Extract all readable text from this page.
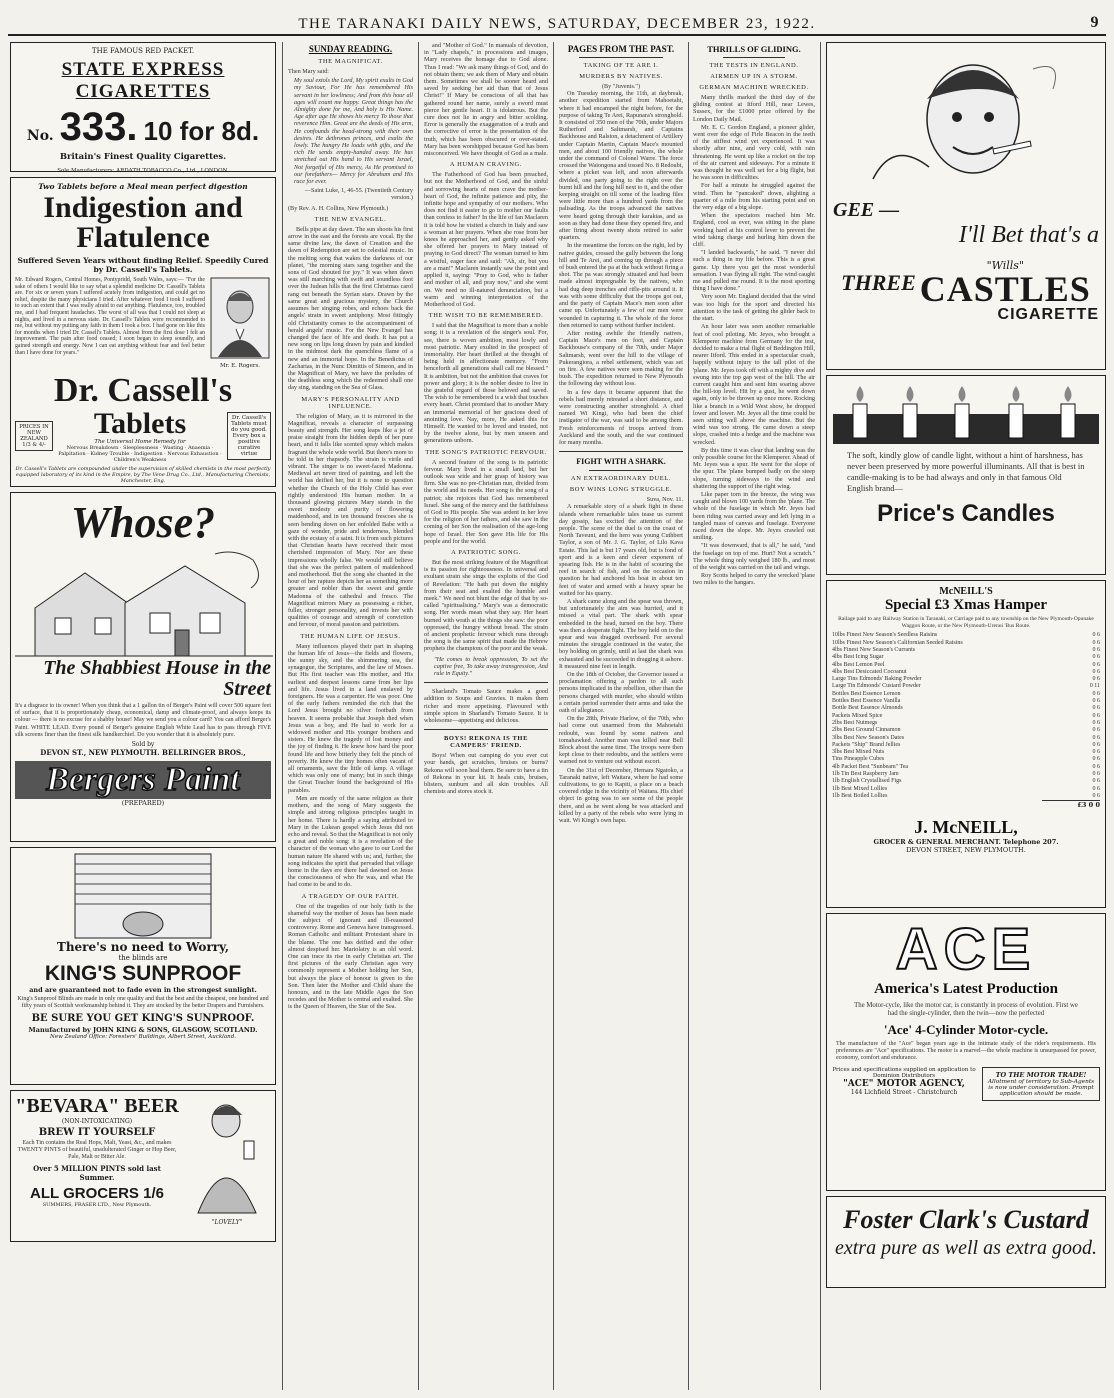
THE TARANAKI DAILY NEWS, SATURDAY, DECEMBER 23, 1922.	9
THE FAMOUS RED PACKET.
STATE EXPRESS CIGARETTES
No. 333. 10 for 8d.
Britain's Finest Quality Cigarettes.
Sole Manufacturers: ARDATH TOBACCO Co., Ltd., LONDON.
Two Tablets before a Meal mean perfect digestion
Indigestion and
Flatulence
Suffered Seven Years without finding Relief. Speedily Cured by Dr. Cassell's Tablets.
Mr. Edward Rogers, Central Homes, Pontypridd, South Wales, says:— "For the sake of others I would like to say what a splendid medicine Dr. Cassell's Tablets are. For six or seven years I suffered acutely from indigestion, and could get no relief, despite the many physicians I tried. After whatever food I took I suffered to such an extent that I was really afraid to eat anything. Flatulence, too, troubled me, and I had frequent headaches. The worst of all was that I could not sleep at nights, and lived in a nervous state. Dr. Cassell's Tablets were recommended to me, but without my putting any faith in them I took a box. I had gone on like this for months when I tried Dr. Cassell's Tablets. Almost from the first dose I felt an improvement. The pain after food ceased; I soon began to sleep soundly, and gained strength and energy. Now I can eat anything without fear and feel better than I have done for years."
Mr. E. Rogers.
Dr. Cassell's
PRICES IN NEW ZEALAND 1/3 & 4/-
Tablets
The Universal Home Remedy for
Nervous Breakdown · Sleeplessness · Wasting · Anaemia · Palpitation · Kidney Trouble · Indigestion · Nervous Exhaustion · Children's Weakness
Dr. Cassell's Tablets must do you good. Every box a positive curative virtue
Dr. Cassell's Tablets are compounded under the supervision of skilled chemists in the most perfectly equipped laboratory of its kind in the Empire, by The Vene Drug Co., Ltd., Manufacturing Chemists, Manchester, Eng.
Whose?
The Shabbiest House in the Street
It's a disgrace to its owner! When you think that a 1 gallon tin of Berger's Paint will cover 500 square feet of surface, that it is proportionately cheap, economical, damp and climate-proof, and always keeps its colour — there is no excuse for a shabby house! May we send you a colour card? You can afford Berger's Paint. WHITE LEAD. Every pound of Berger's genuine English White Lead has to pass through FIVE silk screens finer than the finest silk handkerchief. Do you wonder that it is absolutely pure.
Sold by
DEVON ST., NEW PLYMOUTH. BELLRINGER BROS.,
Bergers Paint
(PREPARED)
There's no need to Worry,
the blinds are
KING'S SUNPROOF
and are guaranteed not to fade even in the strongest sunlight.
King's Sunproof Blinds are made in only one quality and that the best and the cheapest, one hundred and fifty years of Scottish workmanship behind it. They are stocked by the better Drapers and Furnishers.
BE SURE YOU GET KING'S SUNPROOF.
Manufactured by JOHN KING & SONS, GLASGOW, SCOTLAND.
New Zealand Office: Foresters' Buildings, Albert Street, Auckland.
"BEVARA" BEER
(NON-INTOXICATING)
BREW IT YOURSELF
Each Tin contains the Real Hops, Malt, Yeast, &c., and makes TWENTY PINTS of beautiful, unadulterated Ginger or Hop Beer, Pale, Malt or Bitter Ale.
Over 5 MILLION PINTS sold last Summer.
ALL GROCERS 1/6
SUMMERS, FRASER LTD., New Plymouth.
"LOVELY"
SUNDAY READING.
THE MAGNIFICAT.
Then Mary said:
My soul extols the Lord, My spirit exults in God my Saviour, For He has remembered His servant in her lowliness; And from this hour all ages will count me happy. Great things has the Almighty done for me, And holy is His Name. Age after age He shows his mercy To those that reverence Him. Great are the deeds of His arm, He confounds the head-strong with their own desires. He dethrones princes, and exalts the lowly. The hungry He loads with gifts, and the rich He sends empty-handed away. He has stretched out His hand to His servant Israel, Not forgetful of His mercy, As He promised to our forefathers— Mercy for Abraham and His race for ever.
—Saint Luke, 1, 46-55. (Twentieth Century version.)
(By Rev. A. H. Collins, New Plymouth.)
THE NEW EVANGEL.

Bells pipe at day dawn. The sun shoots his first arrow in the east and the forests are vocal. By the same divine law, the dawn of Creation and the dawn of Redemption are set to celestial music. In the melting song that wakes the darkness of our planet, "the morning stars sang together and the sons of God shouted for joy." It was when dawn was still marching with swift and soundless foot over the Judean hills that the first Christmas carol rang out beneath the Syrian stars. Drawn by the same great and gracious mystery, the Church assumes her singing robes, and echoes back the angels' strain in sweet antiphony. Most fittingly old Christianity comes to the accompaniment of herald angels' music. For the New Evangel has changed the face of life and death. It has put a new song on lips long drawn by pain and kindled in the midmost dark the quenchless flame of a new and an immortal hope. In the Benedictus of Zacharias, in the Nunc Dimittis of Simeon, and in the Magnificat of Mary, we have the preludes of the deathless song which the redeemed shall one day sing, standing on the Sea of Glass.

MARY'S PERSONALITY AND INFLUENCE.

The religion of Mary, as it is mirrored in the Magnificat, reveals a character of surpassing beauty and strength. Her song leaps like a jet of praise straight from the hidden depth of her pure heart, and it falls like scented spray which makes fragrant the whole wide world. But there's more to be told in her rhapsody. The strain is virile and vibrant. The singer is no sweet-faced Madonna. Medieval art never tired of painting, and left the world has deified her, but it is none to question whether the Church of the Holy Child has ever rightly understood His human mother. In a thousand glowing pictures Mary stands in the sweet modesty and purity of flowering maidenhood, and in ten thousand frescoes she is seen bending down on her enfolded Babe with a gaze of wonder, pride and tenderness, blended with the ecstasy of a saint. It is from such pictures that Christian hearts have received their most cherished impression of Mary. Nor are these impressions wholly false. We would still believe that she was the perfect pattern of maidenhood and motherhood. But the song she chanted in the hour of her rapture depicts her as something more greater and nobler than the sweet and gentle Madonna of the cathedral and fresco. The Magnificat mirrors Mary as possessing a richer, fuller, stronger personality, and invests her with qualities of courage and strength of conviction and fervour, of moral passion and patriotism.

THE HUMAN LIFE OF JESUS.

Many influences played their part in shaping the human life of Jesus—the fields and flowers, the sunny sky, and the shimmering sea, the synagogue, the Scriptures, and the law of Moses. But His first teacher was His mother, and His earliest and deepest lessons came from her lips and life. Jesus lived in a land enslaved by foreigners. He was a carpenter. He was poor. One of the early fathers reminded the rich that the Lord Jesus brought no silver footbath from heaven. It seems probable that Joseph died when Jesus was a boy, and He had to work for a widowed mother and His younger brothers and sisters. He knew the tragedy of lost money and the joy of finding it. He knew how hard the poor found life and how bitterly they felt the pinch of poverty. He knew the tiny homes often vacant of all ornaments, save the little oil lamp. A village which was only one of many; but in such things the Great Teacher found the background of His parables.

Men are mostly of the same religion as their mothers, and the song of Mary suggests the simple and strong religious principles taught in her home. There is hardly a saying attributed to Mary in the Lukean gospel which Jesus did not echo and reveal. So that the Magnificat is not only a great and noble song: it is a revelation of the character of the woman who gave to our Lord the human nature He shared with us; and, further, the song indicates the spirit that pervaded that village home in the days ere there had dawned on Jesus the consciousness of who He was, and what He had come to be and to do.

A TRAGEDY OF OUR FAITH.

One of the tragedies of our holy faith is the shameful way the mother of Jesus has been made the subject of ignorant and ill-reasoned controversy. Rome and Geneva have transgressed. Roman Catholic and militant Protestant share in the blame. The one has deified and the other almost despised her. Mariolatry is an old word. One can trace its rise in early Christian art. The first pictures of the early Christian ages very commonly represent a Mother holding her Son, but always the place of honour is given to the Son. Then later the Mother and Child share the honours, and in the late Middle Ages the Son recedes and the Mother is central and exalted. She is the Queen of Heaven, the Star of the Sea.

and "Mother of God." In manuals of devotion, in "Lady chapels," in processions and images, Mary receives the homage due to God alone. Thus I read: "We ask many things of God, and do not obtain them; we ask them of Mary and obtain them. Sometimes we shall be sooner heard and saved by seeking her aid than that of Jesus Christ!" If Mary be conscious of all that has gathered round her name, surely a sword must pierce her gentle heart. It is idolatrous. But the cure does not lie in angry and bitter scolding. Error is generally the exaggeration of a truth and the corrective of error is the presentation of the truth, which has been obscured or over-stated. Mary has been worshipped because God has been misconceived. We have thought of God as a male.

A HUMAN CRAVING.

The Fatherhood of God has been preached, but not the Motherhood of God, and the sinful and sorrowing hearts of men crave the mother-heart of God, the infinite patience and pity, the infinite hope and sympathy of our mothers. Who does not find it easier to go to mother our faults than confess to father? In the life of Ian Maclaren it is told how he visited a church in Italy and saw a woman at her prayers. When she rose from her knees he approached her, and gently asked why she offered her prayers to Mary instead of praying to God direct? The woman turned to him a wistful, eager face and said: "Ah, sir, but you are a man!" Maclaren instantly saw the point and applied it, saying: "Pray to God, who is father and mother of all, and pray now," and she went on. We need no ill-natured denunciation, but a warm and winning interpretation of the Motherhood of God.

THE WISH TO BE REMEMBERED.

I said that the Magnificat is more than a noble song; it is a revelation of the singer's soul. For, see, there is woven ambition, most lowly and most patriotic. Mary exulted in the prospect of immortality. Her heart thrilled at the thought of being held in affectionate memory. "From henceforth all generations shall call me blessed." It is ambition, but not the ambition that craves for power and glory; it is the nobler desire to live in the grateful regard of those beloved and saved. The wish to be remembered is a wish that touches every heart. Christ promised that to another Mary an immortal memorial of her gracious deed of anointing love. Nay, more, He asked this for Himself. He wanted to be loved and trusted, not by the twelve alone, but by men unseen and generations unborn.

THE SONG'S PATRIOTIC FERVOUR.

A second feature of the song is its patriotic fervour. Mary lived in a small land, but her outlook was wide and her grasp of history was firm. She was no pre-Christian nun, divided from the world and its needs. Her song is the song of a patriot; she rejoices that God has remembered Israel. She sang of the mercy and the faithfulness of God to His people. She was ardent in her love for the religion of her fathers, and she saw in the coming of her Son the realisation of the age-long hope of Israel. Her Son gave His life for His people and for the world.

A PATRIOTIC SONG.

But the most striking feature of the Magnificat is its passion for righteousness. In universal and exultant strain she sings the exploits of the God of Revelation: "He hath put down the mighty from their seat and exalted the humble and meek." We need not blunt the edge of that by so-called "spiritualising." Mary's was a democratic song. Her words mean what they say. Her heart burned with wrath at the things she saw: the poor oppressed, the hungry without bread. The strain of ancient prophetic fervour which runs through the song is the same spirit that made the Hebrew prophets the champions of the poor and the weak.

"He comes to break oppression, To set the captive free, To take away transgression, And rule in Equity."

Sharland's Tomato Sauce makes a good addition to Soups and Gravies. It makes them richer and more appetising. Flavoured with simple spices in Sharland's Tomato Sauce. It is wholesome—appetising and delicious.

BOYS! REKONA IS THE CAMPERS' FRIEND.

Boys! When out camping do you ever cut your hands, get scratches, bruises or burns? Rekona will soon heal them. Be sure to have a tin of Rekona in your kit. It heals cuts, bruises, blisters, sunburn and all skin troubles. All chemists and stores stock it.

PAGES FROM THE PAST.
TAKING OF TE ARE I.
MURDERS BY NATIVES.
(By "Juvenis.")

On Tuesday morning, the 11th, at daybreak, another expedition started from Mahoetahi, where it had encamped the night before, for the purpose of taking Te Arei, Rapunara's stronghold. It consisted of 350 men of the 70th, under Majors Rutherford and Saltmarsh, and Captains Backhouse and Ralston, a detachment of Artillery under Captain Martin, Captain Mace's mounted men, and about 100 friendly natives, the whole under the command of Colonel Warre. The force crossed the Waiongona and tossed No. 8 Redoubt, where a picket was left, and soon afterwards divided, one party going to the right over the burnt hill and the long hill next to it, and the other keeping straight on till some of the leading files were little more than a hundred yards from the palisading. As the troops advanced the natives were heard going through their karakias, and as soon as they had done these they opened fire, and after firing about twenty shots retired to safer quarters.

In the meantime the forces on the right, led by native guides, crossed the gully between the long hill and Te Arei, and coming up through a piece of bush entered the pa at the back without firing a shot. The pa was strongly situated and had been made almost impregnable by the natives, who had dug deep trenches and rifle-pits around it. It was with some difficulty that the troops got out, and the party of Captain Mace's men soon after came up. Unfortunately a few of our men were wounded in capturing it. The whole of the force then returned to camp without further incident.

After resting awhile the friendly natives, Captain Mace's men on foot, and Captain Backhouse's company of the 70th, under Major Saltmarsh, went over the hill to the village of Pukerangiora, a rebel settlement, which was set on fire. A few natives were seen making for the bush. The expedition returned to New Plymouth the following day without loss.

In a few days it became apparent that the rebels had merely retreated a short distance, and were constructing another stronghold. A chief named Wi Kingi, who had been the chief instigator of the war, was said to be among them. Fresh reinforcements of troops arrived from Auckland and the south, and the war continued for many months.

FIGHT WITH A SHARK.
AN EXTRAORDINARY DUEL.
BOY WINS LONG STRUGGLE.
Suva, Nov. 11.

A remarkable story of a shark fight in these islands where remarkable tales tease us current day gossip, has excited the attention of the people. The scene of the duel is on the coast of North Taveuni, and the hero was young Cuthbert Taylor, a son of Mr. J. G. Taylor, of Lilo Kava Estate. This lad is but 17 years old, but is fond of sport and is a keen and clever exponent of spearing fish. He is in the habit of scouring the reef in search of fish, and on the occasion in question he had anchored his boat in about ten feet of water and armed with a heavy spear he waited for his quarry.

A shark came along and the spear was thrown, but unfortunately the aim was hurried, and it missed a vital part. The shark with spear embedded in the head, turned on the boy. There was then a desperate fight. The boy held on to the spear and was dragged overboard. For several minutes the struggle continued in the water, the boy holding on grimly, until at last the shark was exhausted and he succeeded in dragging it ashore. It measured nine feet in length.

On the 18th of October, the Governor issued a proclamation offering a pardon to all such persons implicated in the rebellion, other than the persons charged with murder, who should within a certain period surrender their arms and take the oath of allegiance.

On the 28th, Private Harlow, of the 70th, who had come out unarmed from the Mahoetahi redoubt, was found by some natives and tomahawked. Another man was killed near Bell Block about the same time. The troops were then kept close to their redoubts, and the settlers were warned not to venture out without escort.

On the 31st of December, Hemara Ngatoko, a Taranaki native, left Waitara, where he had some cultivations, to go to Kapiti, a place on a beach covered ridge in the vicinity of Waitara. His chief object in going was to see some of the people there, and as he went along he was attacked and killed by a party of the rebels who were lying in wait. Wi Kingi's own hapu.

THRILLS OF GLIDING.
THE TESTS IN ENGLAND.
AIRMEN UP IN A STORM.
GERMAN MACHINE WRECKED.

Many thrills marked the third day of the gliding contest at Itford Hill, near Lewes, Sussex, for the £1000 prize offered by the London Daily Mail.

Mr. E. C. Gordon England, a pioneer glider, went over the edge of Firle Beacon in the teeth of the stiffest wind yet experienced. It was shortly after nine, and very cold, with rain threatening. He went up like a rocket on the top of the air current and sideways. For a minute it was thought he was well set for a big flight, but he was soon in difficulties.

For half a minute he struggled against the wind. Then he "pancaked" down, alighting a quarter of a mile from his starting point and on the very edge of a big slope.

When the spectators reached him Mr. England, cool as ever, was sitting in the plane working hard at his control lever to prevent the wind taking charge and hurling him down the cliff.

"I landed backwards," he said. "I never did such a thing in my life before. This is a great game. Up there you get the most wonderful sensation. I was flying all right. The wind caught me and pulled me round. It is the most sporting thing I have done."

Very soon Mr. England decided that the wind was too high for the sport and directed his attention to the task of getting the glider back to the start.

An hour later was seen another remarkable feat of cool piloting. Mr. Jeyes, who brought a Klemperer machine from Germany for the test, decided to make a trial flight of Beddington Hill, nearer Itford. This ended in a spectacular crash, happily without injury to the tall pilot of the 'plane. Mr. Jeyes took off with a mighty dive and swung into the top gap west of the hill. The air current caught him and sent him soaring above the hill-top level. Hit by a gust, he went down again, only to be thrown up once more. Rocking like a branch in a Wild West show, he dropped lower and lower. Mr. Jeyes all the time could be seen sitting well above the machine. But the wind was too strong. He came down a steep slope, crashed into a hedge and the machine was wrecked.

By this time it was clear that landing was the only possible course for the Klemperer. Ahead of Mr. Jeyes was a spur. He went for the slope of the spur. The 'plane bumped badly on the steep slope, turning sideways to the wind and shattering the support of the right wing.

Like paper torn in the breeze, the wing was caught and blown 100 yards from the 'plane. The whole of the fuselage in which Mr. Jeyes had been riding was carried away and left lying in a tangled mass of canvas and fuselage. Everyone raced down the slope. Mr. Jeyes crawled out smiling.

"It was downward, that is all," he said, "and the fuselage on top of me. Hurt? Not a scratch." The whole thing only weighed 180 lb., and most of the weight was carried on the tail and wings.

Roy Scotts helped to carry the wrecked 'plane two miles to the hangars.

GEE —
I'll Bet that's a
THREE
"Wills"
CASTLES
CIGARETTE
The soft, kindly glow of candle light, without a hint of harshness, has never been preserved by more powerful illuminants. All that is best in candle-making is to be had always and only in that famous Old English brand—
Price's Candles
McNEILL'S
Special £3 Xmas Hamper
Railage paid to any Railway Station in Taranaki, or Carriage paid to any township on the New Plymouth-Opunake Waggon Route, or the New Plymouth-Urenui 'Bus Route.
10lbs Finest New Season's Seedless Raisins	0 6
10lbs Finest New Season's Californian Seeded Raisins	0 6
4lbs Finest New Season's Currants	0 6
4lbs Best Icing Sugar	0 6
4lbs Best Lemon Peel	0 6
4lbs Best Desiccated Cocoanut	0 6
Large Tins Edmonds' Baking Powder	0 6
Large Tin Edmonds' Custard Powder	0 11
Bottles Best Essence Lemon	0 6
Bottles Best Essence Vanilla	0 6
Bottle Best Essence Almonds	0 6
Packets Mixed Spice	0 6
2lbs Best Nutmegs	0 6
2lbs Best Ground Cinnamon	0 6
3lbs Best New Season's Dates	0 6
Packets "Ship" Brand Jellies	0 6
3lbs Best Mixed Nuts	0 6
Tins Pineapple Cubes	0 6
4lb Packet Best "Sunbeam" Tea	0 6
1lb Tin Best Raspberry Jam	0 6
1lb English Crystallised Figs	0 6
1lb Best Mixed Lollies	0 6
1lb Best Boiled Lollies	0 6
£3 0 0
J. McNEILL,
GROCER & GENERAL MERCHANT. Telephone 207.
DEVON STREET, NEW PLYMOUTH.
ACE
America's Latest Production
The Motor-cycle, like the motor car, is constantly in process of evolution. First we had the single-cylinder, then the twin—now the perfected
'Ace' 4-Cylinder Motor-cycle.
The manufacture of the "Ace" began years ago in the intimate study of the rider's requirements. His preferences are "Ace" specifications. The motor is a marvel—the whole machine is unsurpassed for power, economy, comfort and endurance.
Prices and specifications supplied on application to Dominion Distributors
"ACE" MOTOR AGENCY,
144 Lichfield Street - Christchurch
TO THE MOTOR TRADE!
Allotment of territory to Sub-Agents is now under consideration. Prompt application should be made.
Foster Clark's Custard
extra pure as well as extra good.
